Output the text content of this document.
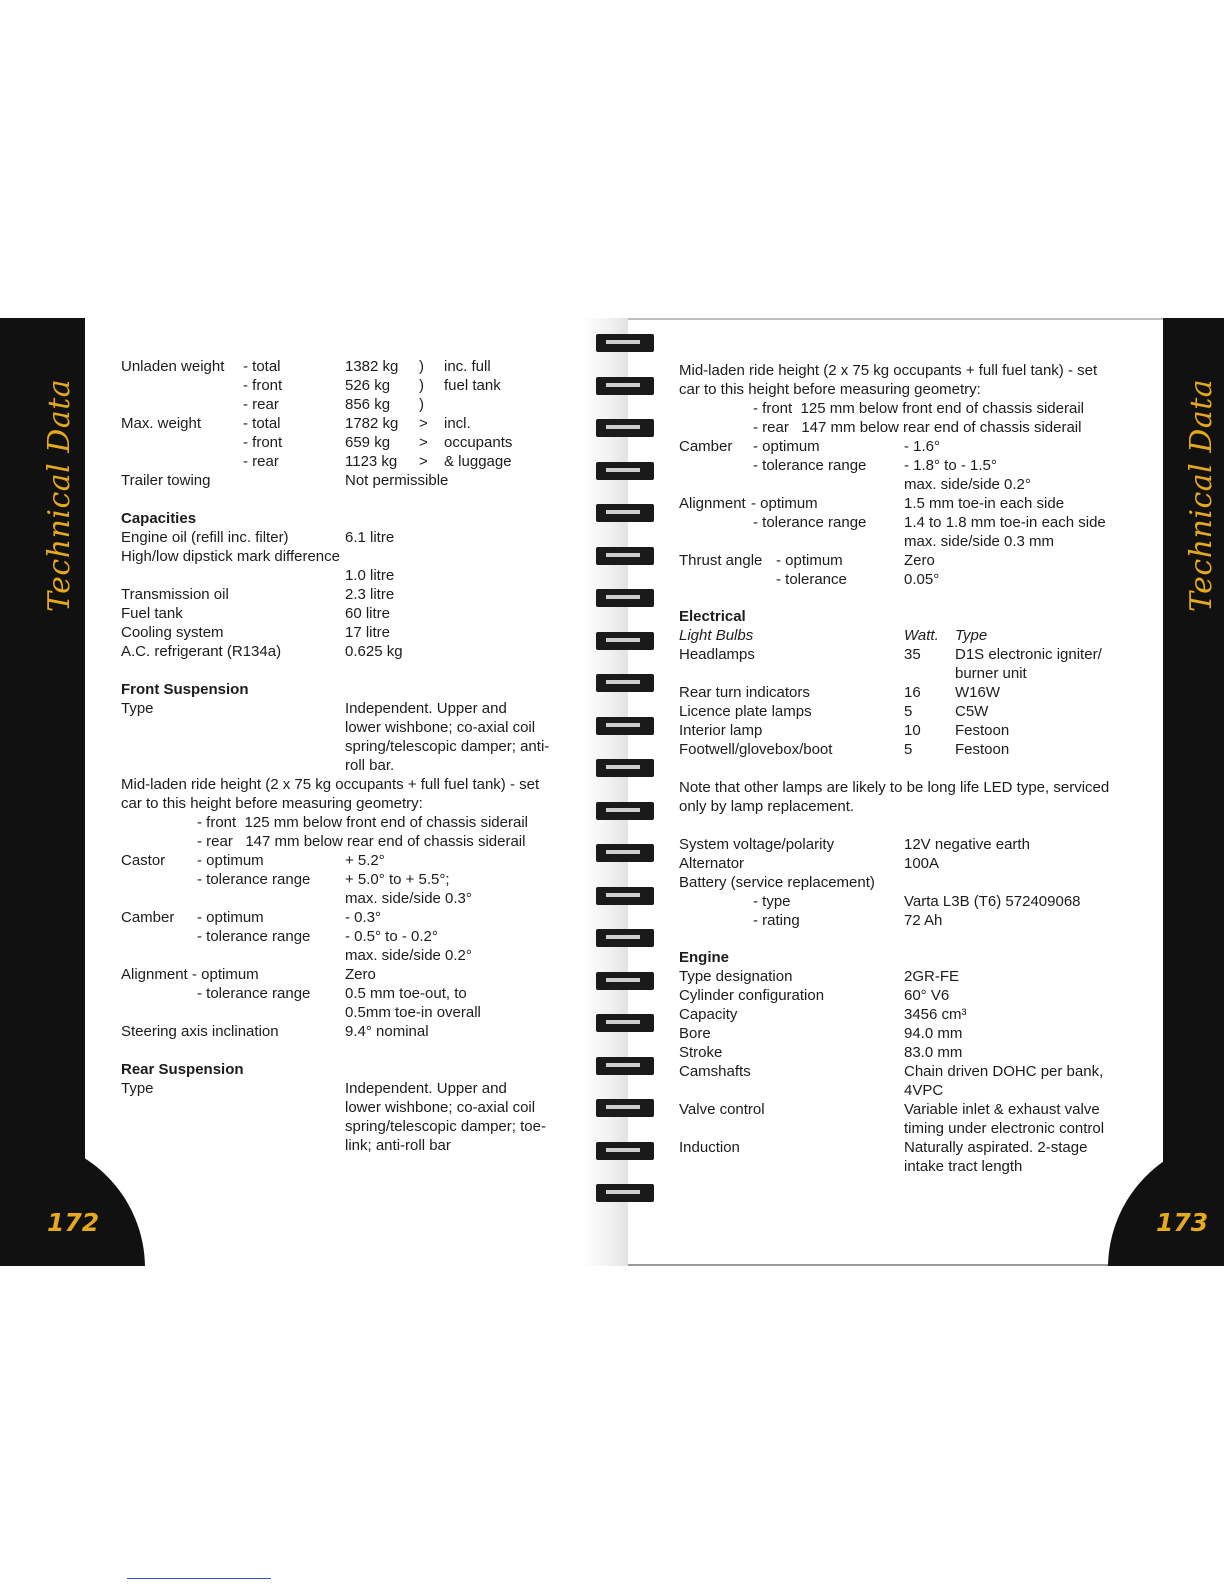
Technical Data	Technical Data
172	173
Unladen weight - total	1382 kg ) inc. full
- front	526 kg ) fuel tank
- rear	856 kg )
Max. weight	- total	1782 kg > incl.
- front	659 kg > occupants
- rear	1123 kg > & luggage
Trailer towing	Not permissible
Capacities
Engine oil (refill inc. filter)	6.1 litre
High/low dipstick mark difference
1.0 litre
Transmission oil	2.3 litre
Fuel tank	60 litre
Cooling system	17 litre
A.C. refrigerant (R134a)	0.625 kg
Front Suspension
Type	Independent. Upper and
lower wishbone; co-axial coil
spring/telescopic damper; anti-
roll bar.
Mid-laden ride height (2 x 75 kg occupants + full fuel tank) - set
car to this height before measuring geometry:
- front  125 mm below front end of chassis siderail
- rear   147 mm below rear end of chassis siderail
Castor - optimum	+ 5.2°
- tolerance range + 5.0° to + 5.5°;
max. side/side 0.3°
Camber - optimum	- 0.3°
- tolerance range - 0.5° to - 0.2°
max. side/side 0.2°
Alignment - optimum	Zero
- tolerance range 0.5 mm toe-out, to
0.5mm toe-in overall
Steering axis inclination	9.4° nominal
Rear Suspension
Type	Independent. Upper and
lower wishbone; co-axial coil
spring/telescopic damper; toe-
link; anti-roll bar
Mid-laden ride height (2 x 75 kg occupants + full fuel tank) - set
car to this height before measuring geometry:
- front  125 mm below front end of chassis siderail
- rear   147 mm below rear end of chassis siderail
Camber - optimum	- 1.6°
- tolerance range	- 1.8° to - 1.5°
max. side/side 0.2°
Alignment - optimum	1.5 mm toe-in each side
- tolerance range	1.4 to 1.8 mm toe-in each side
max. side/side 0.3 mm
Thrust angle - optimum	Zero
- tolerance	0.05°
Electrical
Light Bulbs	Watt. Type
Headlamps	35 D1S electronic igniter/
burner unit
Rear turn indicators	16 W16W
Licence plate lamps	5	C5W
Interior lamp	10 Festoon
Footwell/glovebox/boot	5	Festoon
Note that other lamps are likely to be long life LED type, serviced
only by lamp replacement.
System voltage/polarity	12V negative earth
Alternator	100A
Battery (service replacement)
- type	Varta L3B (T6) 572409068
- rating	72 Ah
Engine
Type designation	2GR-FE
Cylinder configuration	60° V6
Capacity	3456 cm³
Bore	94.0 mm
Stroke	83.0 mm
Camshafts	Chain driven DOHC per bank,
4VPC
Valve control	Variable inlet & exhaust valve
timing under electronic control
Induction	Naturally aspirated. 2-stage
intake tract length
